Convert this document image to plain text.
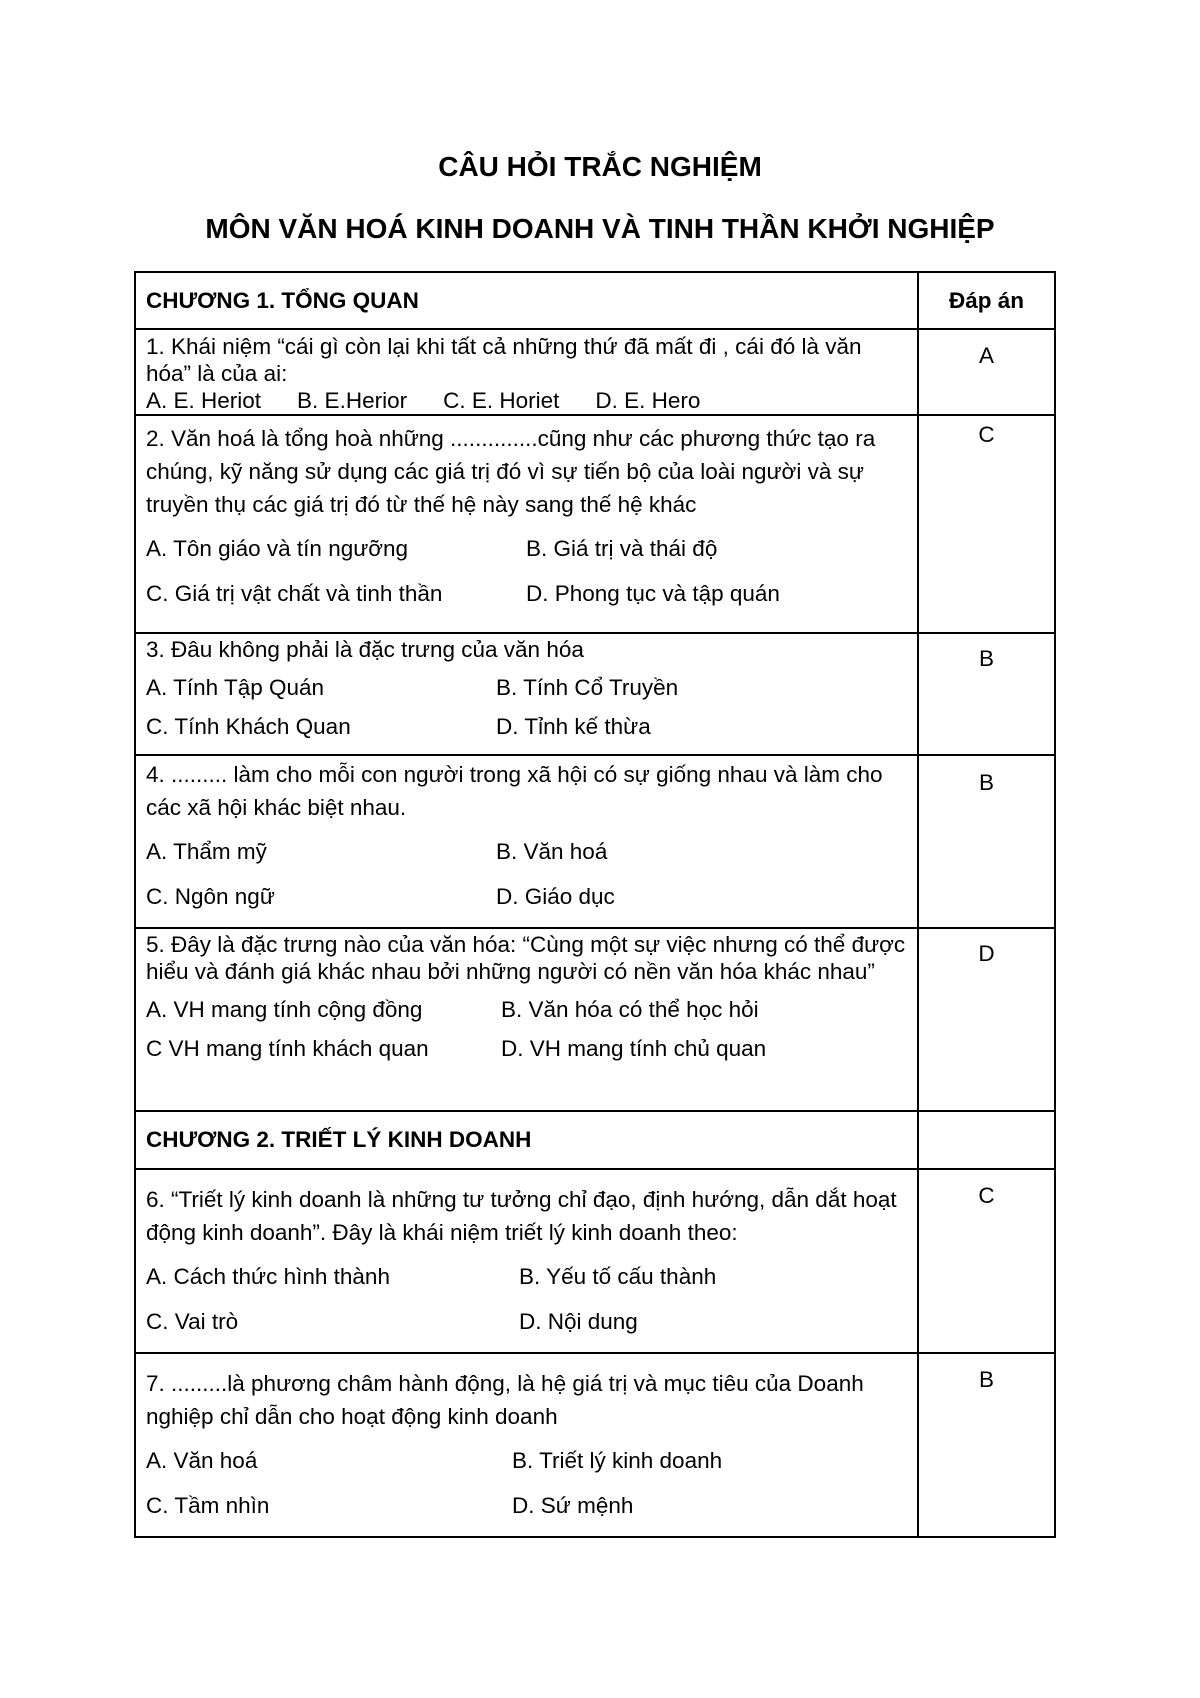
CÂU HỎI TRẮC NGHIỆM
MÔN VĂN HOÁ KINH DOANH VÀ TINH THẦN KHỞI NGHIỆP
CHƯƠNG 1. TỔNG QUAN	Đáp án

1. Khái niệm “cái gì còn lại khi tất cả những thứ đã mất đi , cái đó là văn hóa” là của ai:
A. E. Heriot B. E.Herior C. E. Horiet D. E. Hero	A

2. Văn hoá là tổng hoà những ..............cũng như các phương thức tạo ra chúng, kỹ năng sử dụng các giá trị đó vì sự tiến bộ của loài người và sự truyền thụ các giá trị đó từ thế hệ này sang thế hệ khác
A. Tôn giáo và tín ngưỡng B. Giá trị và thái độ
C. Giá trị vật chất và tinh thần D. Phong tục và tập quán	C

3. Đâu không phải là đặc trưng của văn hóa
A. Tính Tập Quán B. Tính Cổ Truyền
C. Tính Khách Quan D. Tỉnh kế thừa	B

4. ......... làm cho mỗi con người trong xã hội có sự giống nhau và làm cho các xã hội khác biệt nhau.
A. Thẩm mỹ B. Văn hoá
C. Ngôn ngữ D. Giáo dục	B

5. Đây là đặc trưng nào của văn hóa: “Cùng một sự việc nhưng có thể được hiểu và đánh giá khác nhau bởi những người có nền văn hóa khác nhau”
A. VH mang tính cộng đồng B. Văn hóa có thể học hỏi
C VH mang tính khách quan D. VH mang tính chủ quan	D
CHƯƠNG 2. TRIẾT LÝ KINH DOANH	

6. “Triết lý kinh doanh là những tư tưởng chỉ đạo, định hướng, dẫn dắt hoạt động kinh doanh”. Đây là khái niệm triết lý kinh doanh theo:
A. Cách thức hình thành B. Yếu tố cấu thành
C. Vai trò D. Nội dung	C

7. .........là phương châm hành động, là hệ giá trị và mục tiêu của Doanh nghiệp chỉ dẫn cho hoạt động kinh doanh
A. Văn hoá B. Triết lý kinh doanh
C. Tầm nhìn D. Sứ mệnh	B
